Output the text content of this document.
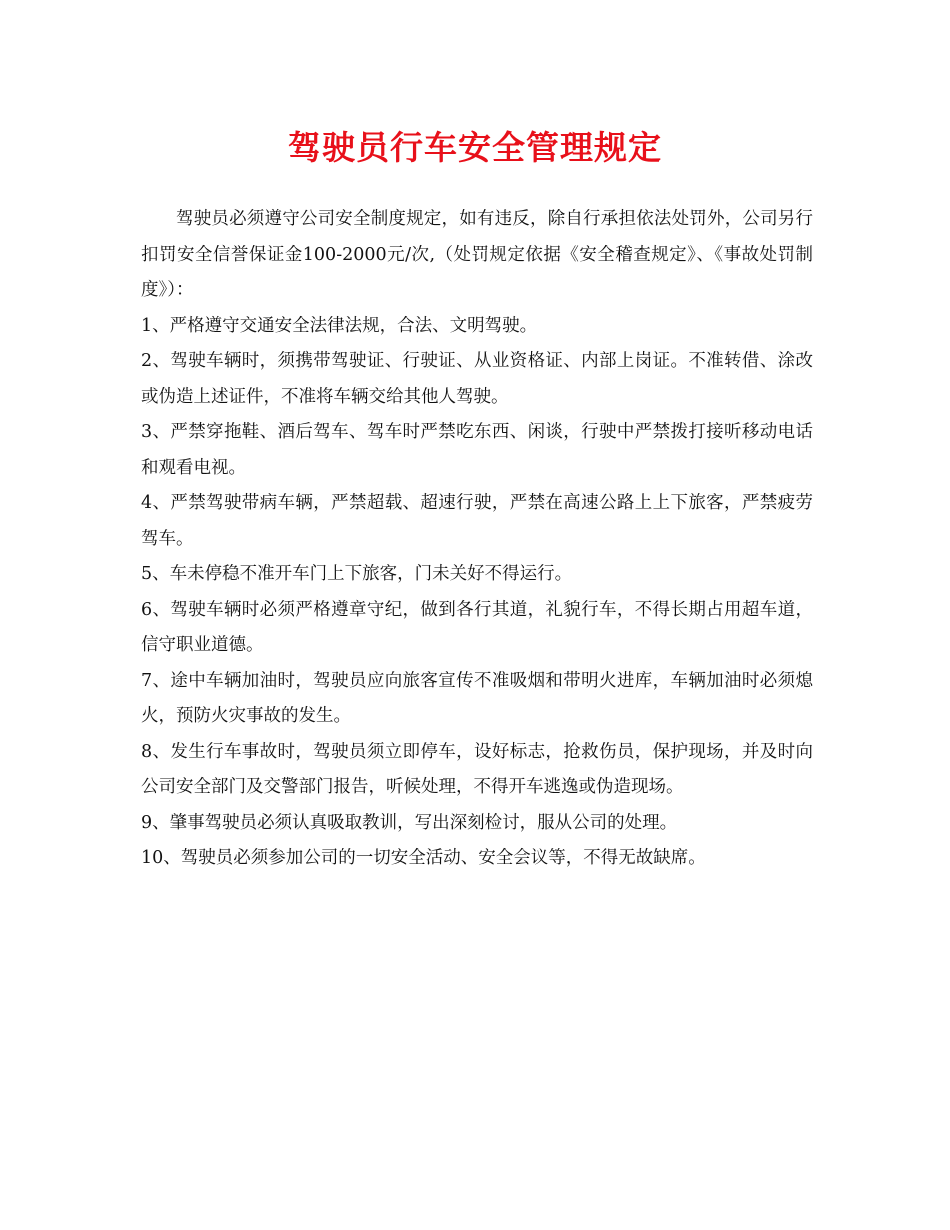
驾驶员行车安全管理规定

驾驶员必须遵守公司安全制度规定，如有违反，除自行承担依法处罚外，公司另行扣罚安全信誉保证金100-2000元/次,（处罚规定依据《安全稽查规定》、《事故处罚制度》）：

1、严格遵守交通安全法律法规，合法、文明驾驶。

2、驾驶车辆时，须携带驾驶证、行驶证、从业资格证、内部上岗证。不准转借、涂改或伪造上述证件，不准将车辆交给其他人驾驶。

3、严禁穿拖鞋、酒后驾车、驾车时严禁吃东西、闲谈，行驶中严禁拨打接听移动电话和观看电视。

4、严禁驾驶带病车辆，严禁超载、超速行驶，严禁在高速公路上上下旅客，严禁疲劳驾车。

5、车未停稳不准开车门上下旅客，门未关好不得运行。

6、驾驶车辆时必须严格遵章守纪，做到各行其道，礼貌行车，不得长期占用超车道，信守职业道德。

7、途中车辆加油时，驾驶员应向旅客宣传不准吸烟和带明火进库，车辆加油时必须熄火，预防火灾事故的发生。

8、发生行车事故时，驾驶员须立即停车，设好标志，抢救伤员，保护现场，并及时向公司安全部门及交警部门报告，听候处理，不得开车逃逸或伪造现场。

9、肇事驾驶员必须认真吸取教训，写出深刻检讨，服从公司的处理。

10、驾驶员必须参加公司的一切安全活动、安全会议等，不得无故缺席。
